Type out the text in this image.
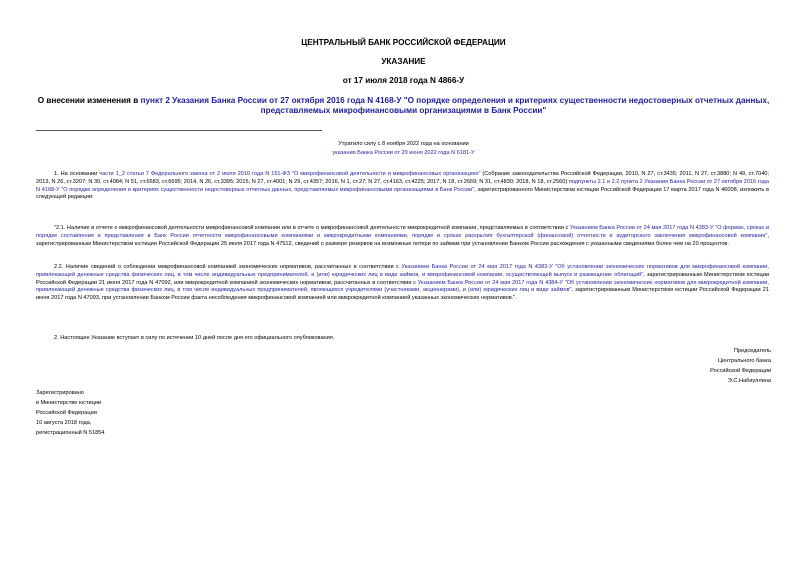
ЦЕНТРАЛЬНЫЙ БАНК РОССИЙСКОЙ ФЕДЕРАЦИИ
УКАЗАНИЕ
от 17 июля 2018 года N 4866-У
О внесении изменения в пункт 2 Указания Банка России от 27 октября 2016 года N 4168-У "О порядке определения и критериях существенности недостоверных отчетных данных, представляемых микрофинансовыми организациями в Банк России"
Утратило силу с 8 ноября 2022 года на основании
указания Банка России от 29 июня 2022 года N 6181-У

1. На основании части 1_2 статьи 7 Федерального закона от 2 июля 2010 года N 151-ФЗ "О микрофинансовой деятельности и микрофинансовых организациях" (Собрание законодательства Российской Федерации, 2010, N 27, ст.3435; 2011, N 27, ст.3880; N 49, ст.7040; 2013, N 26, ст.3207; N 30, ст.4084; N 51, ст.6683, ст.6695; 2014, N 26, ст.3395; 2015, N 27, ст.4001; N 29, ст.4357; 2016, N 1, ст.27; N 27, ст.4163, ст.4225; 2017, N 18, ст.2669; N 31, ст.4830; 2018, N 18, ст.2560) подпункты 2.1 и 2.2 пункта 2 Указания Банка России от 27 октября 2016 года N 4168-У "О порядке определения и критериях существенности недостоверных отчетных данных, представляемых микрофинансовыми организациями в Банк России", зарегистрированного Министерством юстиции Российской Федерации 17 марта 2017 года N 46008, изложить в следующей редакции:

"2.1. Наличие в отчете о микрофинансовой деятельности микрофинансовой компании или в отчете о микрофинансовой деятельности микрокредитной компании, представляемых в соответствии с Указанием Банка России от 24 мая 2017 года N 4383-У "О формах, сроках и порядке составления и представления в Банк России отчетности микрофинансовыми компаниями и микрокредитными компаниями, порядке и сроках раскрытия бухгалтерской (финансовой) отчетности и аудиторского заключения микрофинансовой компании", зарегистрированным Министерством юстиции Российской Федерации 25 июля 2017 года N 47512, сведений о размере резервов на возможные потери по займам при установлении Банком России расхождения с указанными сведениями более чем на 20 процентов.

2.2. Наличие сведений о соблюдении микрофинансовой компанией экономических нормативов, рассчитанных в соответствии с Указанием Банка России от 24 мая 2017 года N 4382-У "Об установлении экономических нормативов для микрофинансовой компании, привлекающей денежные средства физических лиц, в том числе индивидуальных предпринимателей, и (или) юридических лиц в виде займов, и микрофинансовой компании, осуществляющей выпуск и размещение облигаций", зарегистрированным Министерством юстиции Российской Федерации 21 июня 2017 года N 47092, или микрокредитной компанией экономических нормативов, рассчитанных в соответствии с Указанием Банка России от 24 мая 2017 года N 4384-У "Об установлении экономических нормативов для микрокредитной компании, привлекающей денежные средства физических лиц, в том числе индивидуальных предпринимателей, являющихся учредителями (участниками, акционерами), и (или) юридических лиц в виде займов", зарегистрированным Министерством юстиции Российской Федерации 21 июня 2017 года N 47093, при установлении Банком России факта несоблюдения микрофинансовой компанией или микрокредитной компанией указанных экономических нормативов.".

2. Настоящее Указание вступает в силу по истечении 10 дней после дня его официального опубликования.

Председатель
Центрального банка
Российской Федерации
Э.С.Набиуллина
Зарегистрировано
в Министерстве юстиции
Российской Федерации
10 августа 2018 года,
регистрационный N 51854
